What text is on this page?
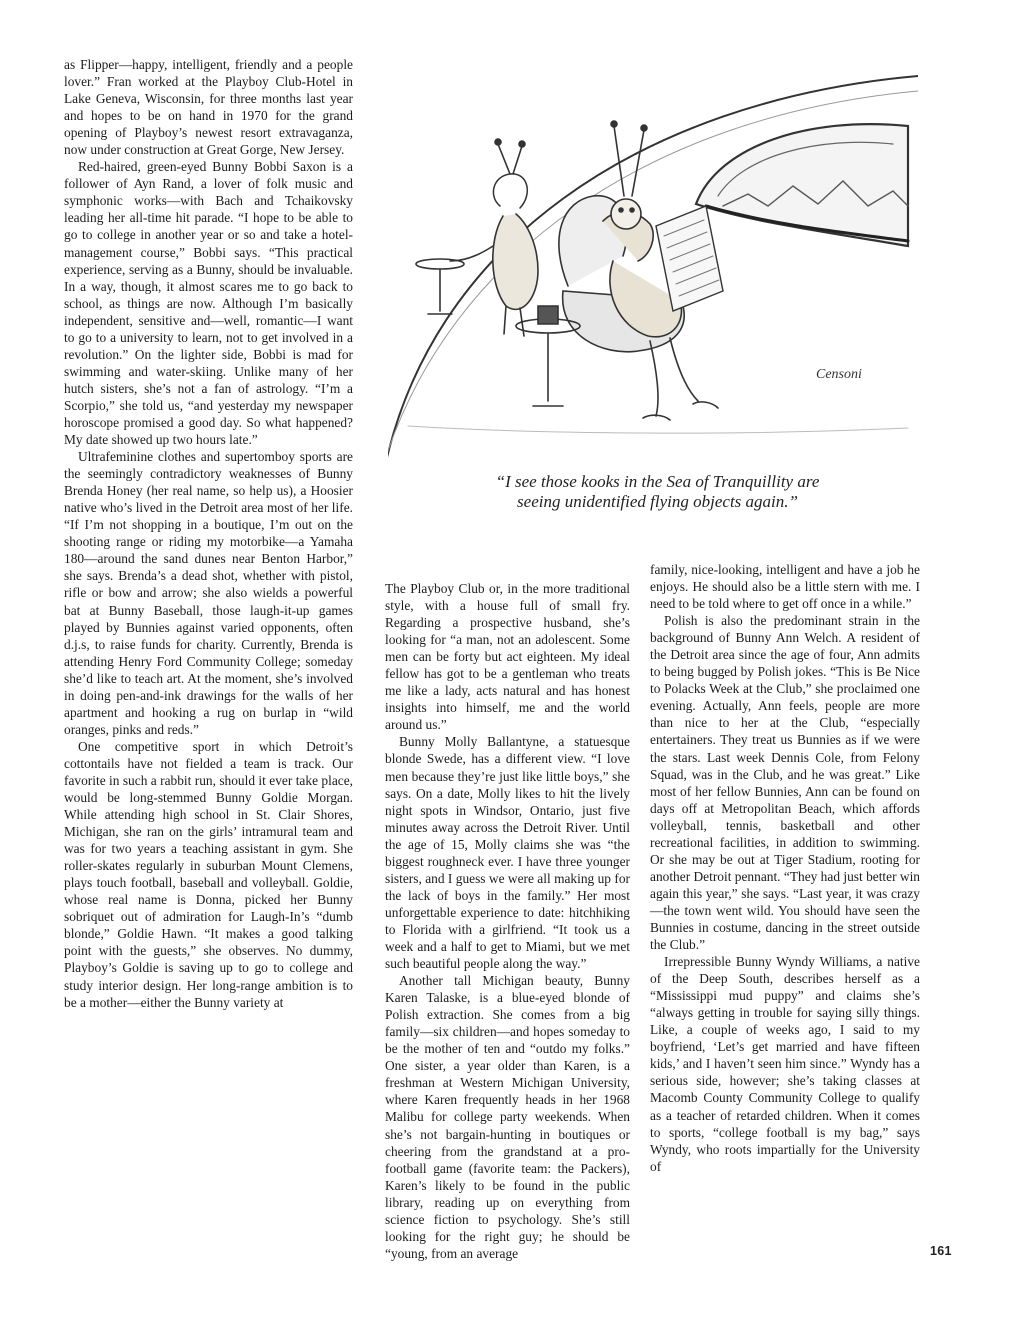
as Flipper—happy, intelligent, friendly and a people lover.” Fran worked at the Playboy Club-Hotel in Lake Geneva, Wisconsin, for three months last year and hopes to be on hand in 1970 for the grand opening of Playboy’s newest resort extravaganza, now under construction at Great Gorge, New Jersey.

Red-haired, green-eyed Bunny Bobbi Saxon is a follower of Ayn Rand, a lover of folk music and symphonic works—with Bach and Tchaikovsky leading her all-time hit parade. “I hope to be able to go to college in another year or so and take a hotel-management course,” Bobbi says. “This practical experience, serving as a Bunny, should be invaluable. In a way, though, it almost scares me to go back to school, as things are now. Although I’m basically independent, sensitive and—well, romantic—I want to go to a university to learn, not to get involved in a revolution.” On the lighter side, Bobbi is mad for swimming and water-skiing. Unlike many of her hutch sisters, she’s not a fan of astrology. “I’m a Scorpio,” she told us, “and yesterday my newspaper horoscope promised a good day. So what happened? My date showed up two hours late.”

Ultrafeminine clothes and supertomboy sports are the seemingly contradictory weaknesses of Bunny Brenda Honey (her real name, so help us), a Hoosier native who’s lived in the Detroit area most of her life. “If I’m not shopping in a boutique, I’m out on the shooting range or riding my motorbike—a Yamaha 180—around the sand dunes near Benton Harbor,” she says. Brenda’s a dead shot, whether with pistol, rifle or bow and arrow; she also wields a powerful bat at Bunny Baseball, those laugh-it-up games played by Bunnies against varied opponents, often d.j.s, to raise funds for charity. Currently, Brenda is attending Henry Ford Community College; someday she’d like to teach art. At the moment, she’s involved in doing pen-and-ink drawings for the walls of her apartment and hooking a rug on burlap in “wild oranges, pinks and reds.”

One competitive sport in which Detroit’s cottontails have not fielded a team is track. Our favorite in such a rabbit run, should it ever take place, would be long-stemmed Bunny Goldie Morgan. While attending high school in St. Clair Shores, Michigan, she ran on the girls’ intramural team and was for two years a teaching assistant in gym. She roller-skates regularly in suburban Mount Clemens, plays touch football, baseball and volleyball. Goldie, whose real name is Donna, picked her Bunny sobriquet out of admiration for Laugh-In’s “dumb blonde,” Goldie Hawn. “It makes a good talking point with the guests,” she observes. No dummy, Playboy’s Goldie is saving up to go to college and study interior design. Her long-range ambition is to be a mother—either the Bunny variety at

Censoni
“I see those kooks in the Sea of Tranquillity are
seeing unidentified flying objects again.”

The Playboy Club or, in the more traditional style, with a house full of small fry. Regarding a prospective husband, she’s looking for “a man, not an adolescent. Some men can be forty but act eighteen. My ideal fellow has got to be a gentleman who treats me like a lady, acts natural and has honest insights into himself, me and the world around us.”

Bunny Molly Ballantyne, a statuesque blonde Swede, has a different view. “I love men because they’re just like little boys,” she says. On a date, Molly likes to hit the lively night spots in Windsor, Ontario, just five minutes away across the Detroit River. Until the age of 15, Molly claims she was “the biggest roughneck ever. I have three younger sisters, and I guess we were all making up for the lack of boys in the family.” Her most unforgettable experience to date: hitchhiking to Florida with a girlfriend. “It took us a week and a half to get to Miami, but we met such beautiful people along the way.”

Another tall Michigan beauty, Bunny Karen Talaske, is a blue-eyed blonde of Polish extraction. She comes from a big family—six children—and hopes someday to be the mother of ten and “outdo my folks.” One sister, a year older than Karen, is a freshman at Western Michigan University, where Karen frequently heads in her 1968 Malibu for college party weekends. When she’s not bargain-hunting in boutiques or cheering from the grandstand at a pro-football game (favorite team: the Packers), Karen’s likely to be found in the public library, reading up on everything from science fiction to psychology. She’s still looking for the right guy; he should be “young, from an average

family, nice-looking, intelligent and have a job he enjoys. He should also be a little stern with me. I need to be told where to get off once in a while.”

Polish is also the predominant strain in the background of Bunny Ann Welch. A resident of the Detroit area since the age of four, Ann admits to being bugged by Polish jokes. “This is Be Nice to Polacks Week at the Club,” she proclaimed one evening. Actually, Ann feels, people are more than nice to her at the Club, “especially entertainers. They treat us Bunnies as if we were the stars. Last week Dennis Cole, from Felony Squad, was in the Club, and he was great.” Like most of her fellow Bunnies, Ann can be found on days off at Metropolitan Beach, which affords volleyball, tennis, basketball and other recreational facilities, in addition to swimming. Or she may be out at Tiger Stadium, rooting for another Detroit pennant. “They had just better win again this year,” she says. “Last year, it was crazy—the town went wild. You should have seen the Bunnies in costume, dancing in the street outside the Club.”

Irrepressible Bunny Wyndy Williams, a native of the Deep South, describes herself as a “Mississippi mud puppy” and claims she’s “always getting in trouble for saying silly things. Like, a couple of weeks ago, I said to my boyfriend, ‘Let’s get married and have fifteen kids,’ and I haven’t seen him since.” Wyndy has a serious side, however; she’s taking classes at Macomb County Community College to qualify as a teacher of retarded children. When it comes to sports, “college football is my bag,” says Wyndy, who roots impartially for the University of

161
